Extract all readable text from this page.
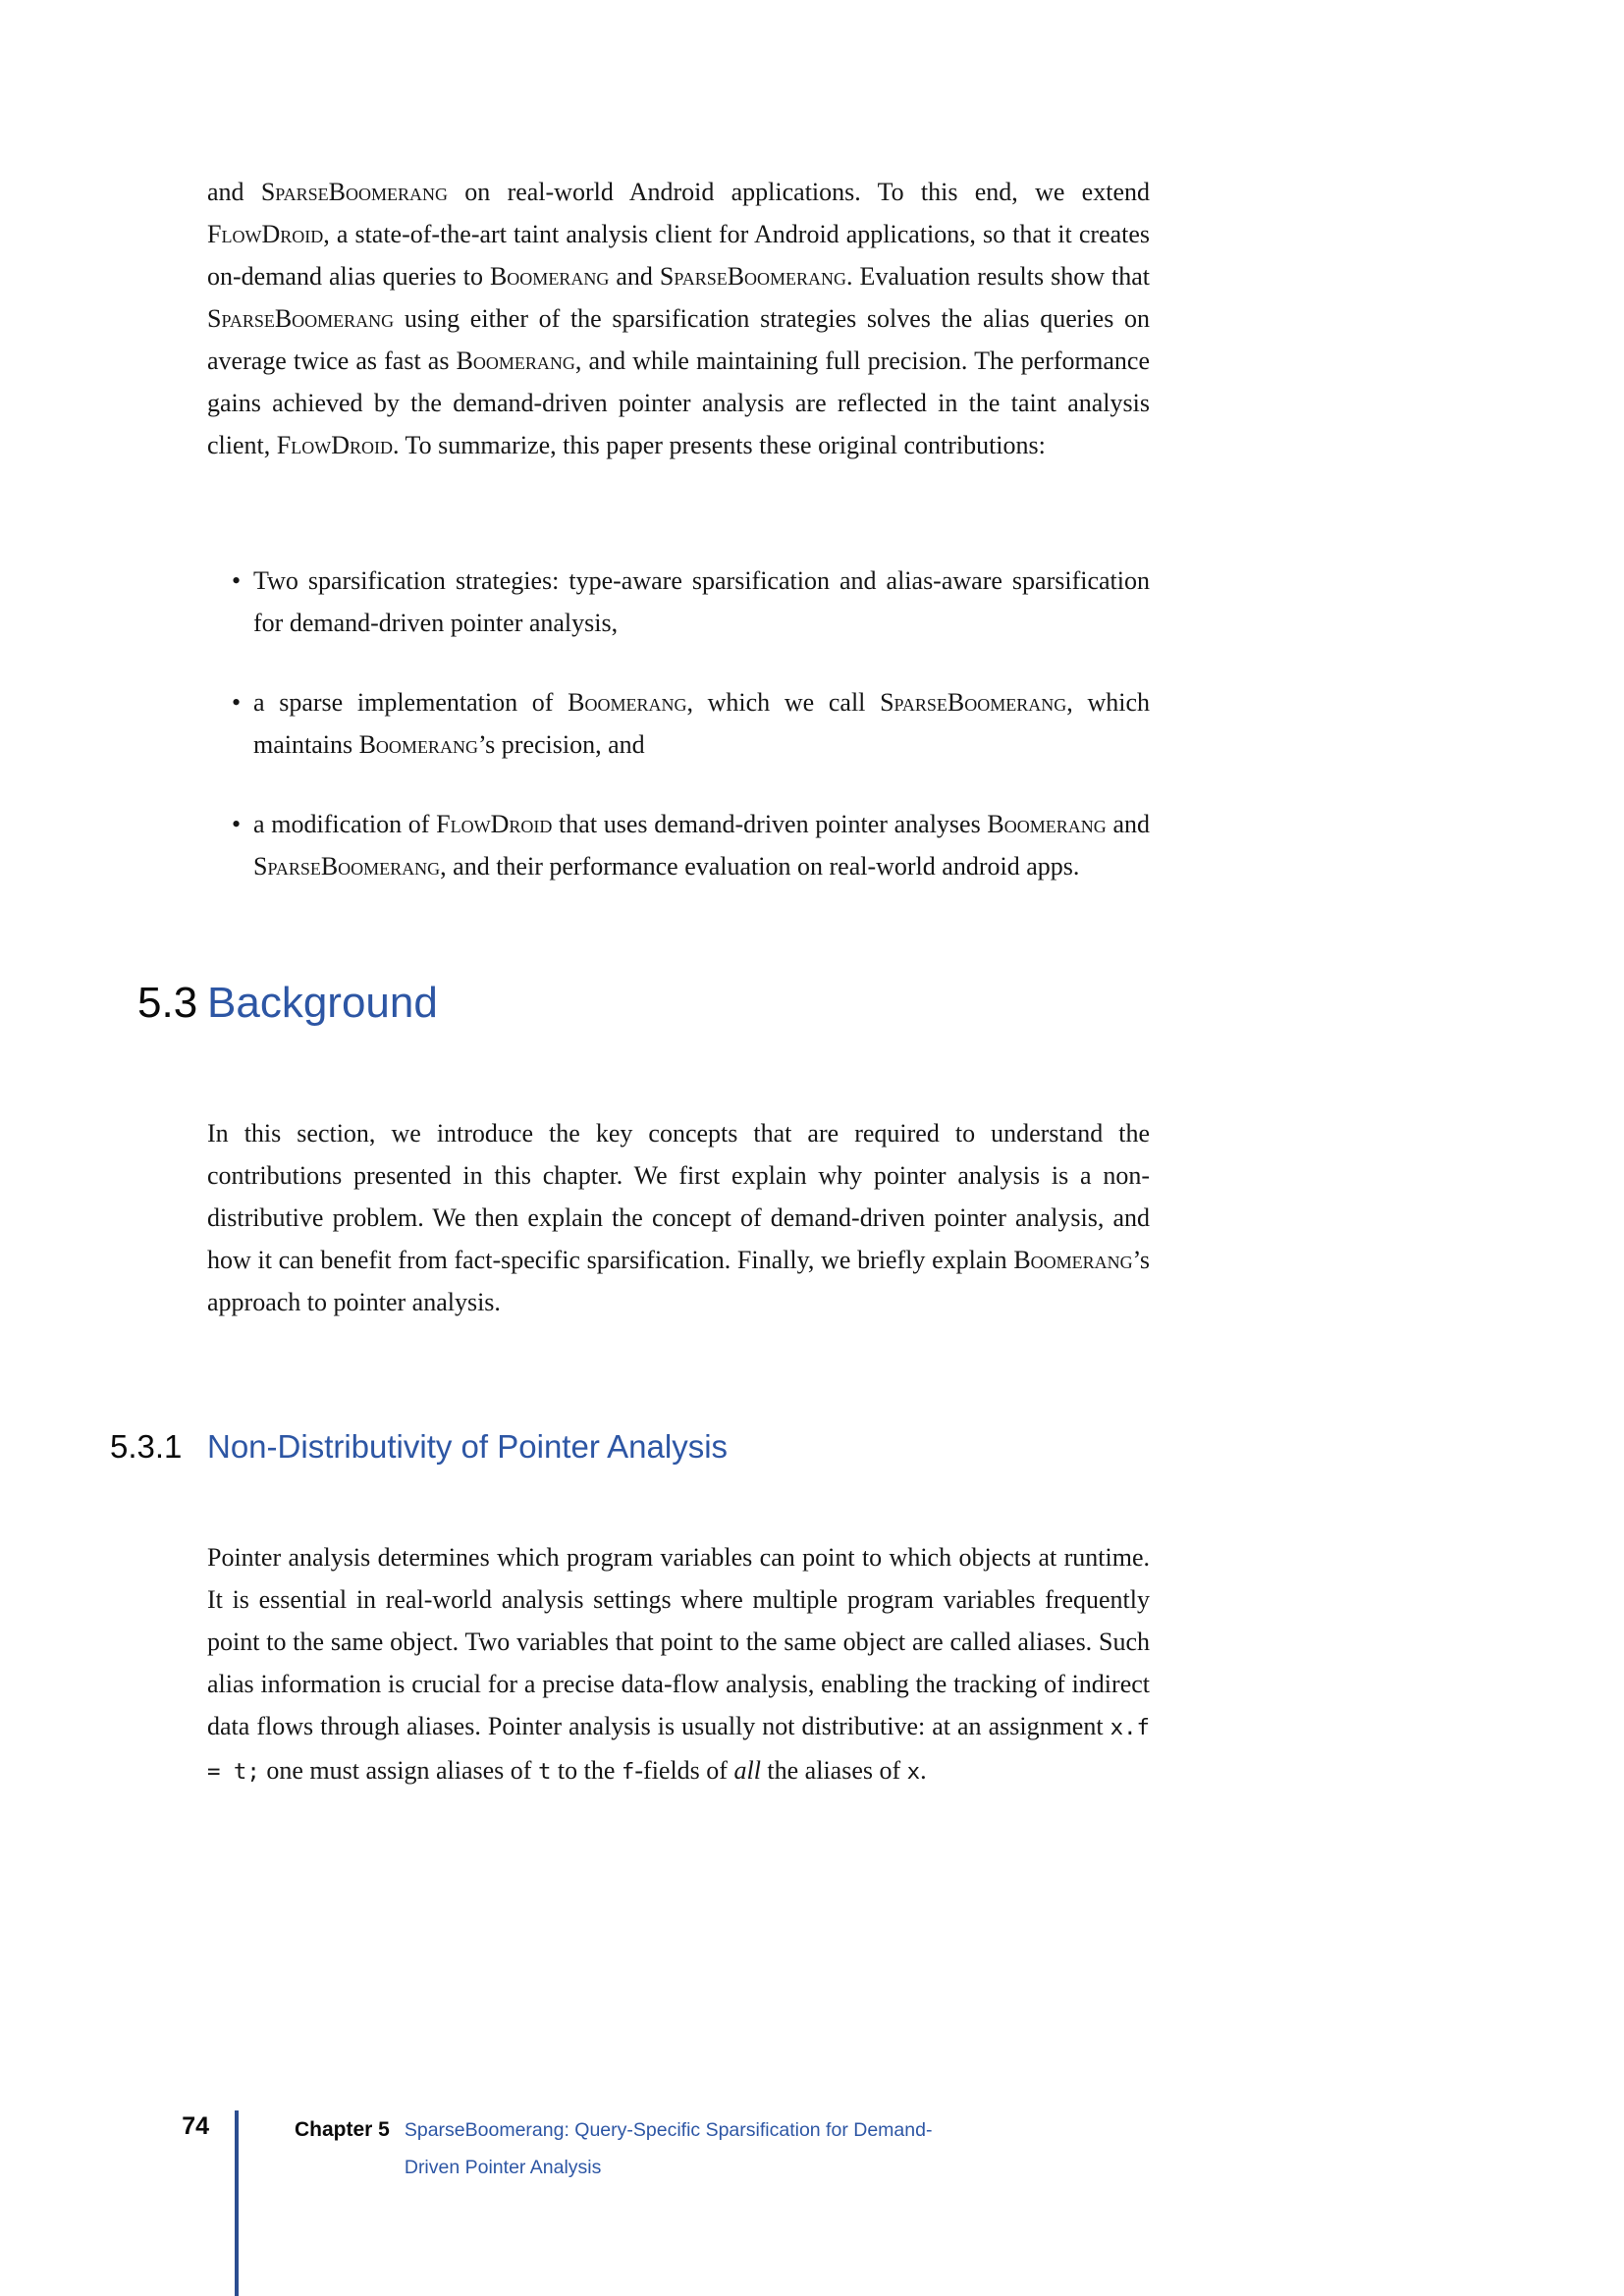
and SparseBoomerang on real-world Android applications. To this end, we extend FlowDroid, a state-of-the-art taint analysis client for Android applications, so that it creates on-demand alias queries to Boomerang and SparseBoomerang. Evaluation results show that SparseBoomerang using either of the sparsification strategies solves the alias queries on average twice as fast as Boomerang, and while maintaining full precision. The performance gains achieved by the demand-driven pointer analysis are reflected in the taint analysis client, FlowDroid. To summarize, this paper presents these original contributions:

• Two sparsification strategies: type-aware sparsification and alias-aware sparsification for demand-driven pointer analysis,
• a sparse implementation of Boomerang, which we call SparseBoomerang, which maintains Boomerang’s precision, and
• a modification of FlowDroid that uses demand-driven pointer analyses Boomerang and SparseBoomerang, and their performance evaluation on real-world android apps.
5.3 Background

In this section, we introduce the key concepts that are required to understand the contributions presented in this chapter. We first explain why pointer analysis is a non-distributive problem. We then explain the concept of demand-driven pointer analysis, and how it can benefit from fact-specific sparsification. Finally, we briefly explain Boomerang’s approach to pointer analysis.

5.3.1 Non-Distributivity of Pointer Analysis

Pointer analysis determines which program variables can point to which objects at runtime. It is essential in real-world analysis settings where multiple program variables frequently point to the same object. Two variables that point to the same object are called aliases. Such alias information is crucial for a precise data-flow analysis, enabling the tracking of indirect data flows through aliases. Pointer analysis is usually not distributive: at an assignment x.f = t; one must assign aliases of t to the f-fields of all the aliases of x.

74	Chapter 5 SparseBoomerang: Query-Specific Sparsification for Demand-
Driven Pointer Analysis
